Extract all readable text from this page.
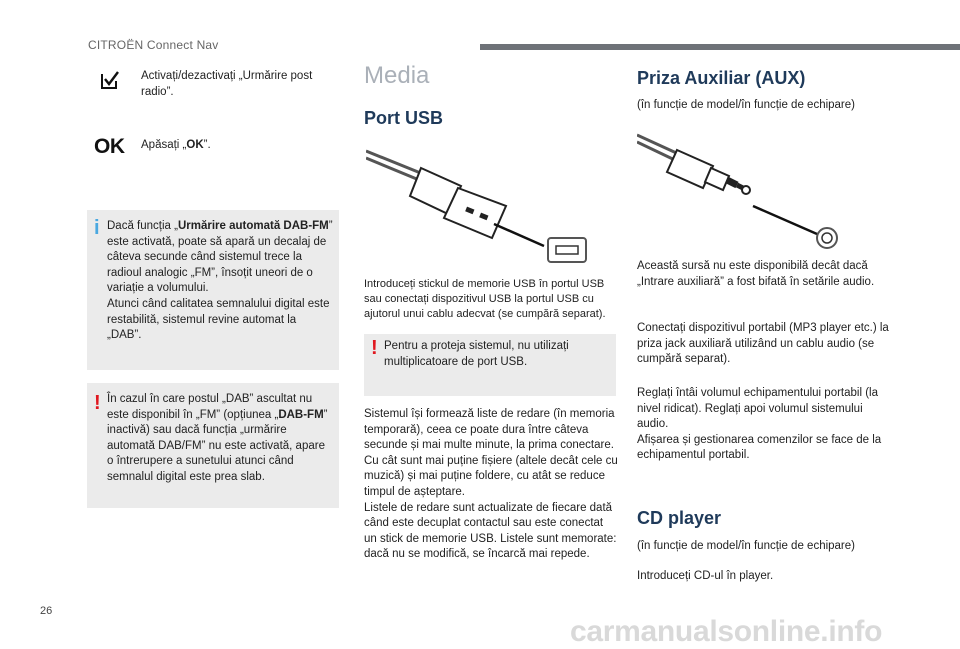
CITROËN Connect Nav
Activați/dezactivați „Urmărire post radio”.
OK Apăsați „OK”.
i Dacă funcția „Urmărire automată DAB-FM” este activată, poate să apară un decalaj de câteva secunde când sistemul trece la radioul analogic „FM”, însoțit uneori de o variație a volumului.
Atunci când calitatea semnalului digital este restabilită, sistemul revine automat la „DAB”.
! În cazul în care postul „DAB” ascultat nu este disponibil în „FM” (opțiunea „DAB-FM” inactivă) sau dacă funcția „urmărire automată DAB/FM” nu este activată, apare o întrerupere a sunetului atunci când semnalul digital este prea slab.
Media
Port USB
Introduceți stickul de memorie USB în portul USB sau conectați dispozitivul USB la portul USB cu ajutorul unui cablu adecvat (se cumpără separat).
! Pentru a proteja sistemul, nu utilizați multiplicatoare de port USB.
Sistemul își formează liste de redare (în memoria temporară), ceea ce poate dura între câteva secunde și mai multe minute, la prima conectare.
Cu cât sunt mai puține fișiere (altele decât cele cu muzică) și mai puține foldere, cu atât se reduce timpul de așteptare.
Listele de redare sunt actualizate de fiecare dată când este decuplat contactul sau este conectat un stick de memorie USB. Listele sunt memorate: dacă nu se modifică, se încarcă mai repede.
Priza Auxiliar (AUX)
(în funcție de model/în funcție de echipare)
Această sursă nu este disponibilă decât dacă „Intrare auxiliară” a fost bifată în setările audio.
Conectați dispozitivul portabil (MP3 player etc.) la priza jack auxiliară utilizând un cablu audio (se cumpără separat).
Reglați întâi volumul echipamentului portabil (la nivel ridicat). Reglați apoi volumul sistemului audio.
Afișarea și gestionarea comenzilor se face de la echipamentul portabil.
CD player
(în funcție de model/în funcție de echipare)
Introduceți CD-ul în player.
26
carmanualsonline.info
